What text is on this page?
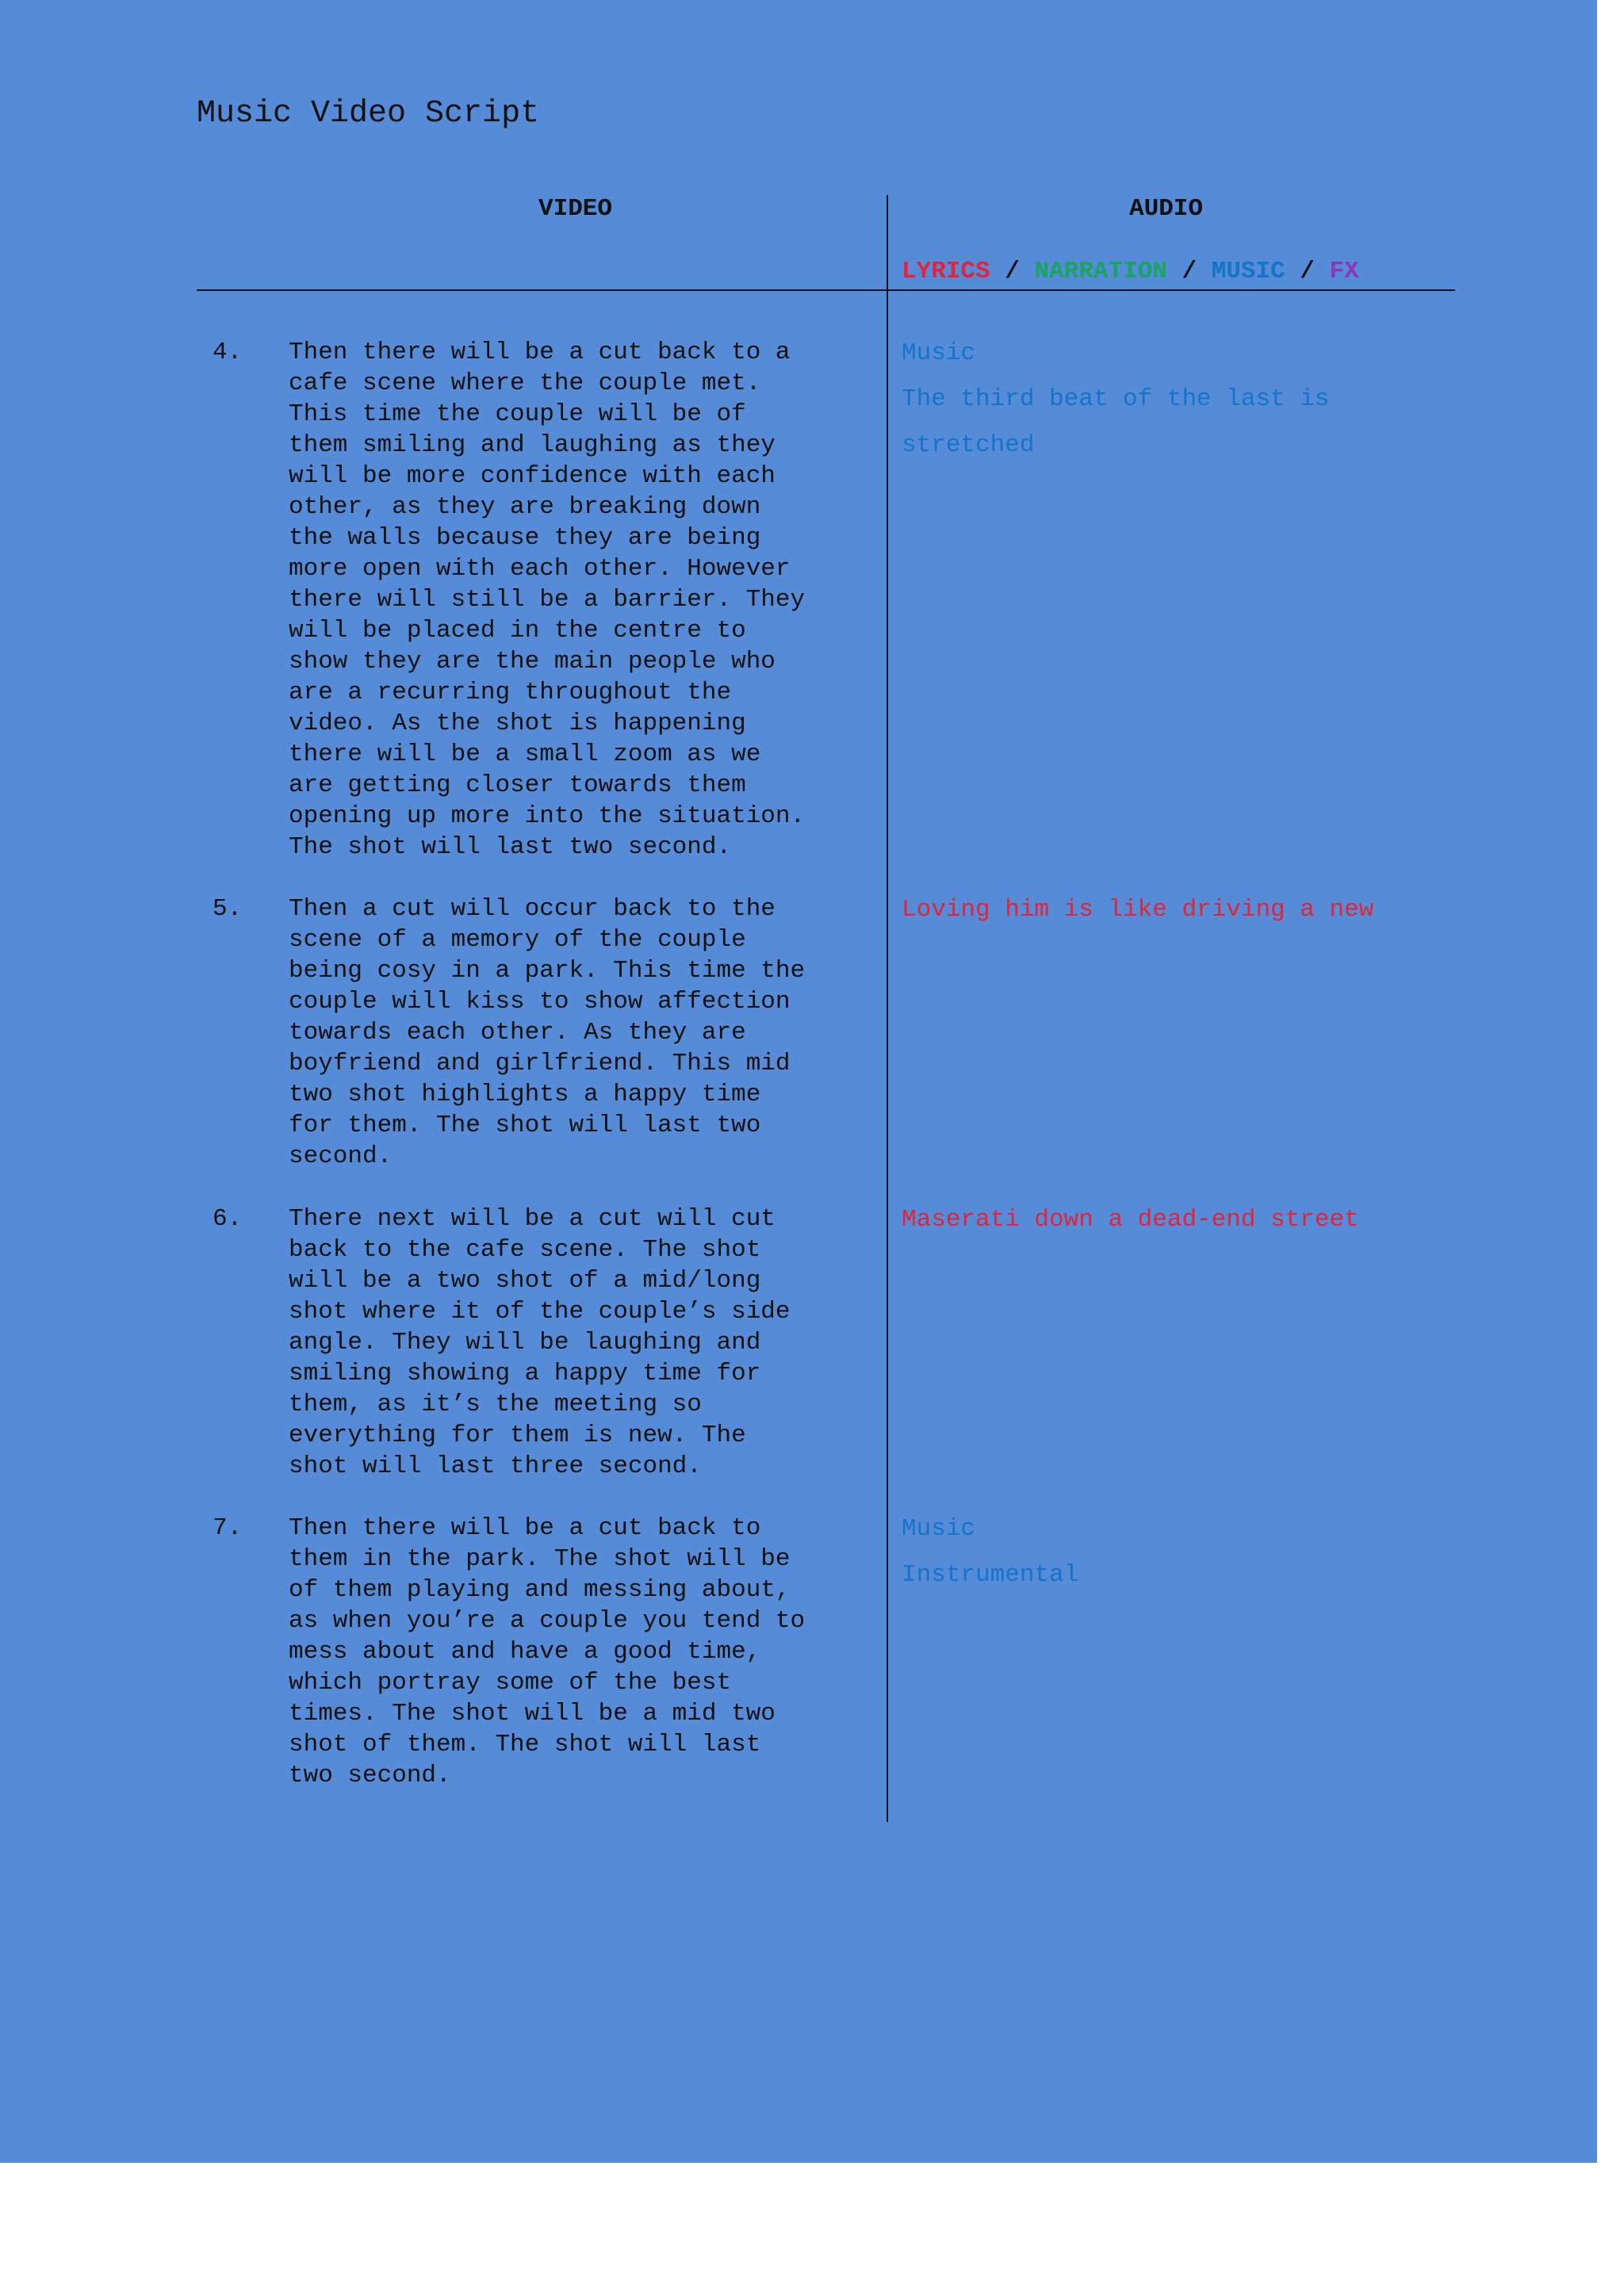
Music Video Script
VIDEO	AUDIO
LYRICS / NARRATION / MUSIC / FX
4. Then there will be a cut back to a
cafe scene where the couple met.
This time the couple will be of
them smiling and laughing as they
will be more confidence with each
other, as they are breaking down
the walls because they are being
more open with each other. However
there will still be a barrier. They
will be placed in the centre to
show they are the main people who
are a recurring throughout the
video. As the shot is happening
there will be a small zoom as we
are getting closer towards them
opening up more into the situation.
The shot will last two second.
Music
The third beat of the last is
stretched
5. Then a cut will occur back to the
scene of a memory of the couple
being cosy in a park. This time the
couple will kiss to show affection
towards each other. As they are
boyfriend and girlfriend. This mid
two shot highlights a happy time
for them. The shot will last two
second.
Loving him is like driving a new
6. There next will be a cut will cut
back to the cafe scene. The shot
will be a two shot of a mid/long
shot where it of the couple’s side
angle. They will be laughing and
smiling showing a happy time for
them, as it’s the meeting so
everything for them is new. The
shot will last three second.
Maserati down a dead-end street
7. Then there will be a cut back to
them in the park. The shot will be
of them playing and messing about,
as when you’re a couple you tend to
mess about and have a good time,
which portray some of the best
times. The shot will be a mid two
shot of them. The shot will last
two second.
Music
Instrumental
